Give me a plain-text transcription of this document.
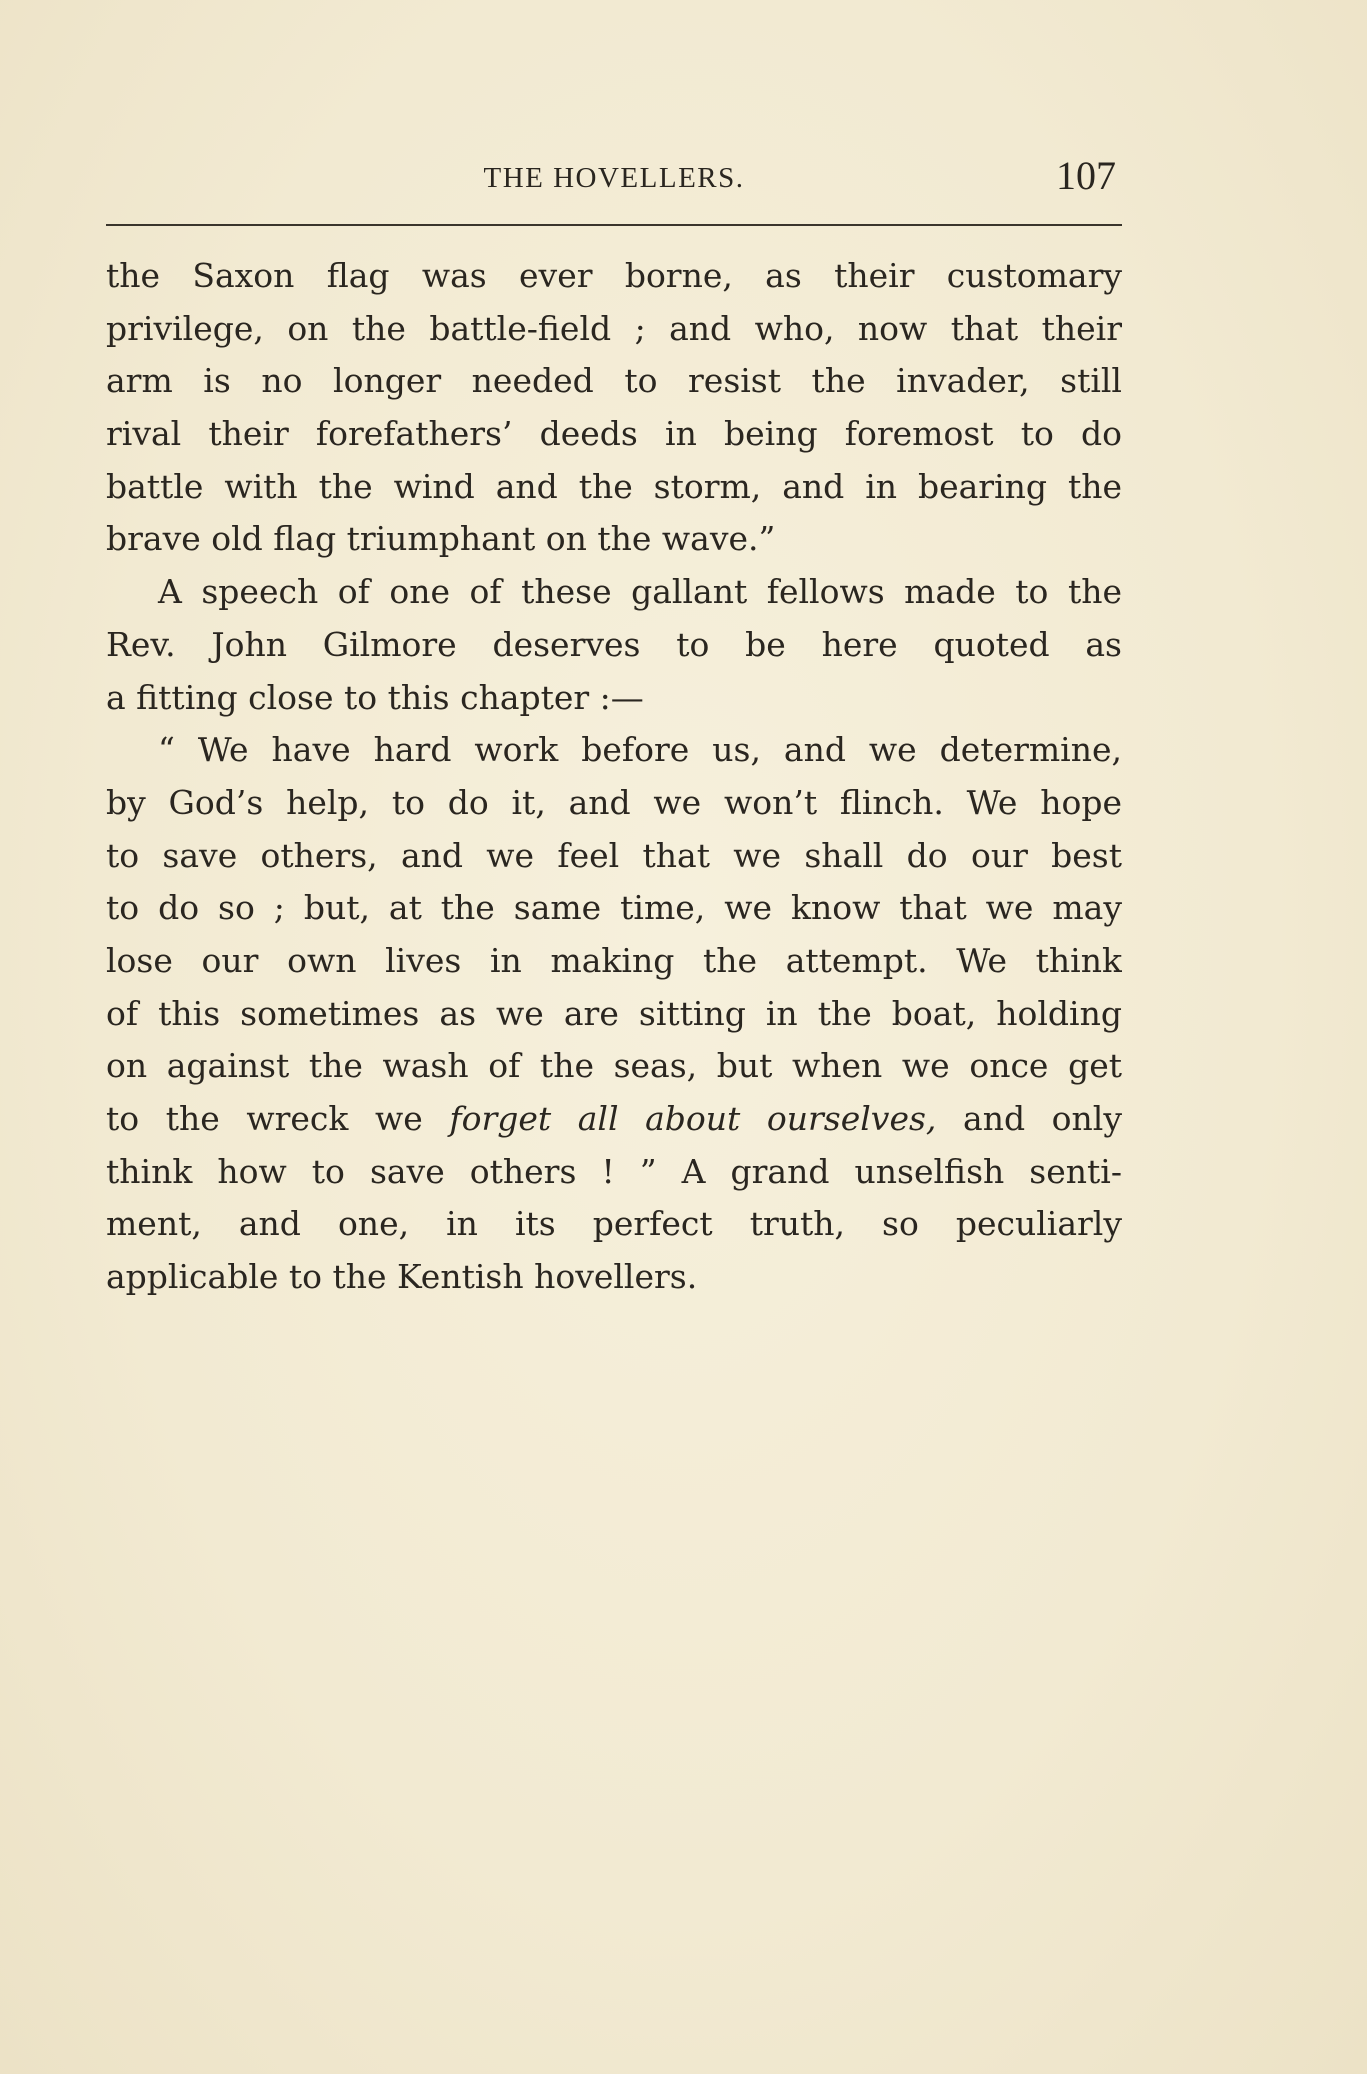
THE HOVELLERS.	107
the Saxon flag was ever borne, as their customary
privilege, on the battle-field ; and who, now that their
arm is no longer needed to resist the invader, still
rival their forefathers’ deeds in being foremost to do
battle with the wind and the storm, and in bearing the
brave old flag triumphant on the wave.”
A speech of one of these gallant fellows made to the
Rev. John Gilmore deserves to be here quoted as
a fitting close to this chapter :—
“ We have hard work before us, and we determine,
by God’s help, to do it, and we won’t flinch. We hope
to save others, and we feel that we shall do our best
to do so ; but, at the same time, we know that we may
lose our own lives in making the attempt. We think
of this sometimes as we are sitting in the boat, holding
on against the wash of the seas, but when we once get
to the wreck we forget all about ourselves, and only
think how to save others ! ” A grand unselfish senti-
ment, and one, in its perfect truth, so peculiarly
applicable to the Kentish hovellers.
